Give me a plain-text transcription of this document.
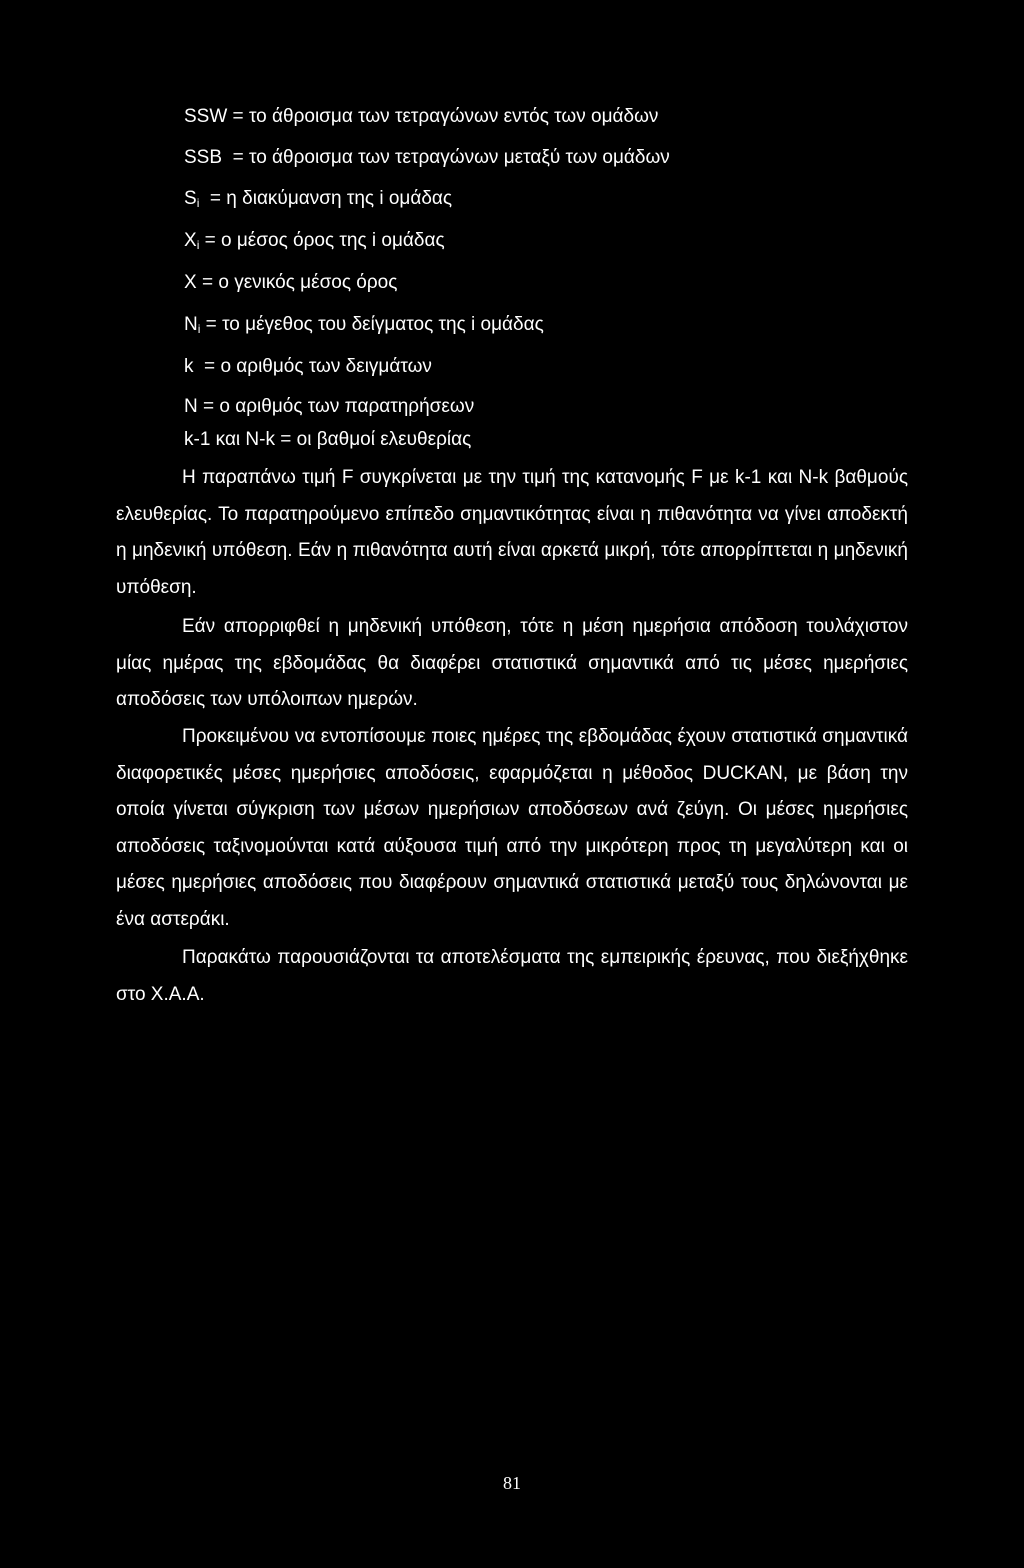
SSW = το άθροισμα των τετραγώνων εντός των ομάδων
SSB  = το άθροισμα των τετραγώνων μεταξύ των ομάδων
$S_i = \eta$ διακύμανση της i ομάδας
$X_i = o$ μέσος όρος της i ομάδας
X = ο γενικός μέσος όρος
$N_i = \tau o$ μέγεθος του δείγματος της i ομάδας
k  = ο αριθμός των δειγμάτων
N = ο αριθμός των παρατηρήσεων
k-1 και N-k = οι βαθμοί ελευθερίας
Η παραπάνω τιμή F συγκρίνεται με την τιμή της κατανομής F με k-1 και N-k βαθμούς ελευθερίας. Το παρατηρούμενο επίπεδο σημαντικότητας είναι η πιθανότητα να γίνει αποδεκτή η μηδενική υπόθεση. Εάν η πιθανότητα αυτή είναι αρκετά μικρή, τότε απορρίπτεται η μηδενική υπόθεση.
Εάν απορριφθεί η μηδενική υπόθεση, τότε η μέση ημερήσια απόδοση τουλάχιστον μίας ημέρας της εβδομάδας θα διαφέρει στατιστικά σημαντικά από τις μέσες ημερήσιες αποδόσεις των υπόλοιπων ημερών.
Προκειμένου να εντοπίσουμε ποιες ημέρες της εβδομάδας έχουν στατιστικά σημαντικά διαφορετικές μέσες ημερήσιες αποδόσεις, εφαρμόζεται η μέθοδος DUCKAN, με βάση την οποία γίνεται σύγκριση των μέσων ημερήσιων αποδόσεων ανά ζεύγη. Οι μέσες ημερήσιες αποδόσεις ταξινομούνται κατά αύξουσα τιμή από την μικρότερη προς τη μεγαλύτερη και οι μέσες ημερήσιες αποδόσεις που διαφέρουν σημαντικά στατιστικά μεταξύ τους δηλώνονται με ένα αστεράκι.
Παρακάτω παρουσιάζονται τα αποτελέσματα της εμπειρικής έρευνας, που διεξήχθηκε στο Χ.Α.Α.
81
